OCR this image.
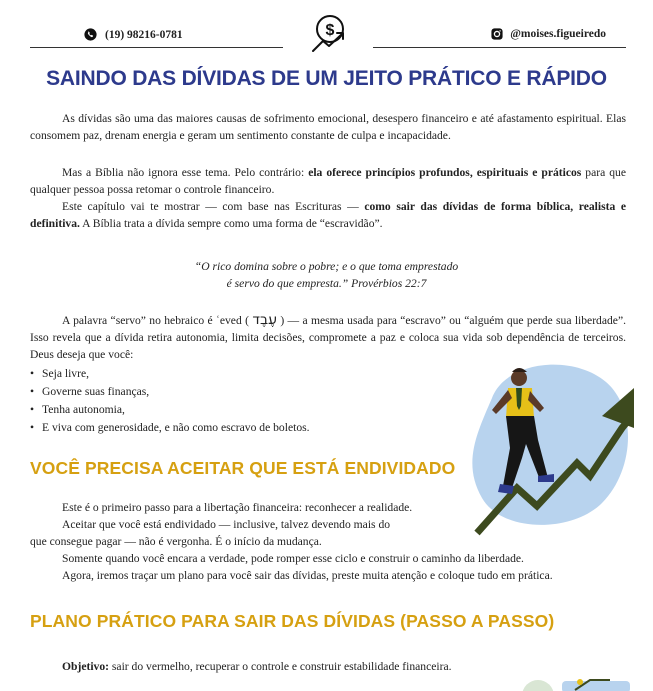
(19) 98216-0781	$	@moises.figueiredo
SAINDO DAS DÍVIDAS DE UM JEITO PRÁTICO E RÁPIDO

As dívidas são uma das maiores causas de sofrimento emocional, desespero financeiro e até afastamento espiritual. Elas consomem paz, drenam energia e geram um sentimento constante de culpa e incapacidade.

Mas a Bíblia não ignora esse tema. Pelo contrário: ela oferece princípios profundos, espirituais e práticos para que qualquer pessoa possa retomar o controle financeiro.

Este capítulo vai te mostrar — com base nas Escrituras — como sair das dívidas de forma bíblica, realista e definitiva. A Bíblia trata a dívida sempre como uma forma de “escravidão”.

“O rico domina sobre o pobre; e o que toma emprestado
é servo do que empresta.” Provérbios 22:7

A palavra “servo” no hebraico é ʿeved ( עֶבֶד ) — a mesma usada para “escravo” ou “alguém que perde sua liberdade”. Isso revela que a dívida retira autonomia, limita decisões, compromete a paz e coloca sua vida sob dependência de terceiros. Deus deseja que você:

• Seja livre,
• Governe suas finanças,
• Tenha autonomia,
• E viva com generosidade, e não como escravo de boletos.
VOCÊ PRECISA ACEITAR QUE ESTÁ ENDIVIDADO

Este é o primeiro passo para a libertação financeira: reconhecer a realidade.

Aceitar que você está endividado — inclusive, talvez devendo mais do

que consegue pagar — não é vergonha. É o início da mudança.

Somente quando você encara a verdade, pode romper esse ciclo e construir o caminho da liberdade.

Agora, iremos traçar um plano para você sair das dívidas, preste muita atenção e coloque tudo em prática.

PLANO PRÁTICO PARA SAIR DAS DÍVIDAS (PASSO A PASSO)

Objetivo: sair do vermelho, recuperar o controle e construir estabilidade financeira.
